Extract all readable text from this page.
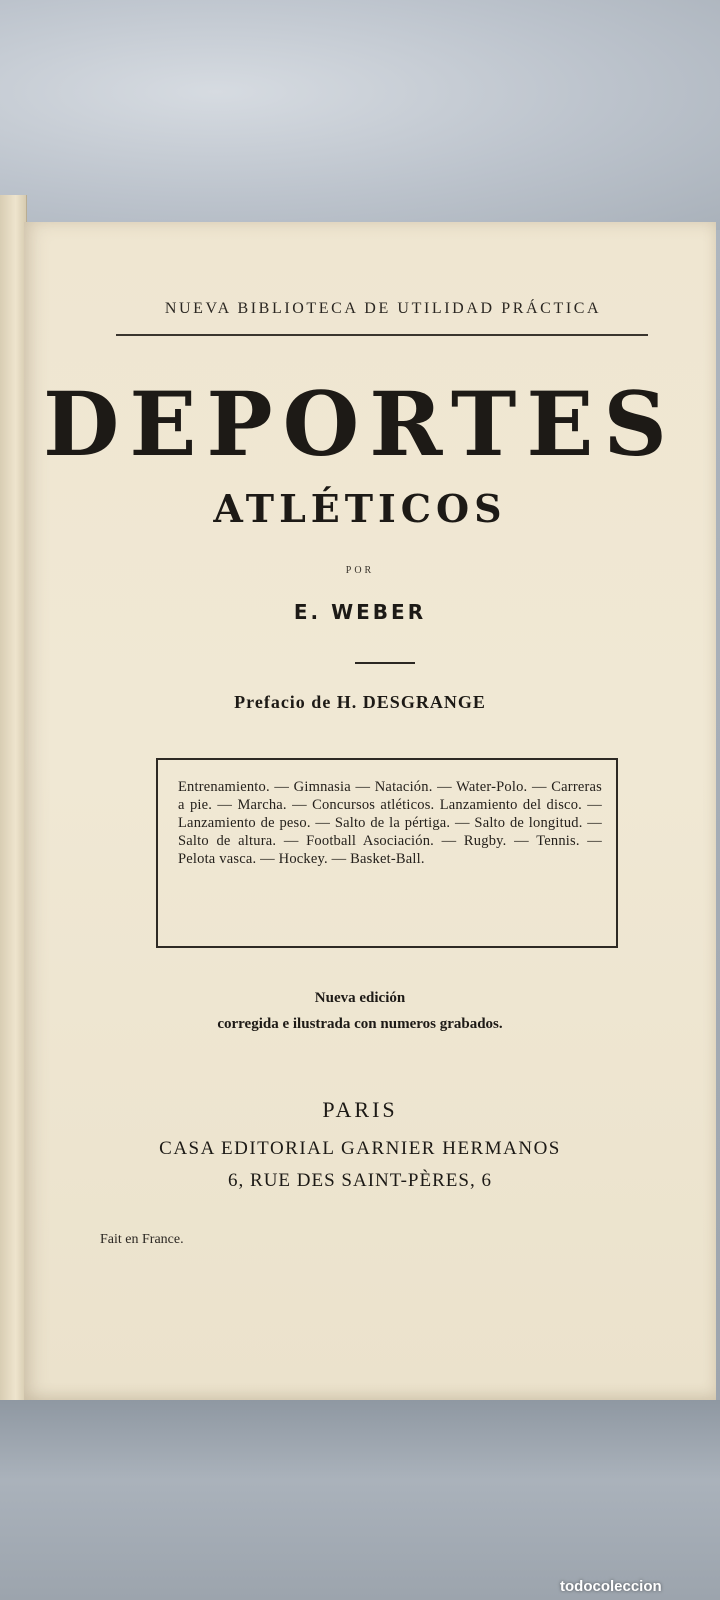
NUEVA BIBLIOTECA DE UTILIDAD PRÁCTICA
DEPORTES
ATLÉTICOS
POR
E. WEBER
Prefacio de H. DESGRANGE
Entrenamiento. — Gimnasia — Natación. — Water-Polo. — Carreras a pie. — Marcha. — Concursos atléticos. Lanzamiento del disco. — Lanzamiento de peso. — Salto de la pértiga. — Salto de longitud. — Salto de altura. — Football Asociación. — Rugby. — Tennis. — Pelota vasca. — Hockey. — Basket-Ball.
Nueva edición
corregida e ilustrada con numeros grabados.
PARIS
CASA EDITORIAL GARNIER HERMANOS
6, RUE DES SAINT-PÈRES, 6
Fait en France.
todocoleccion
